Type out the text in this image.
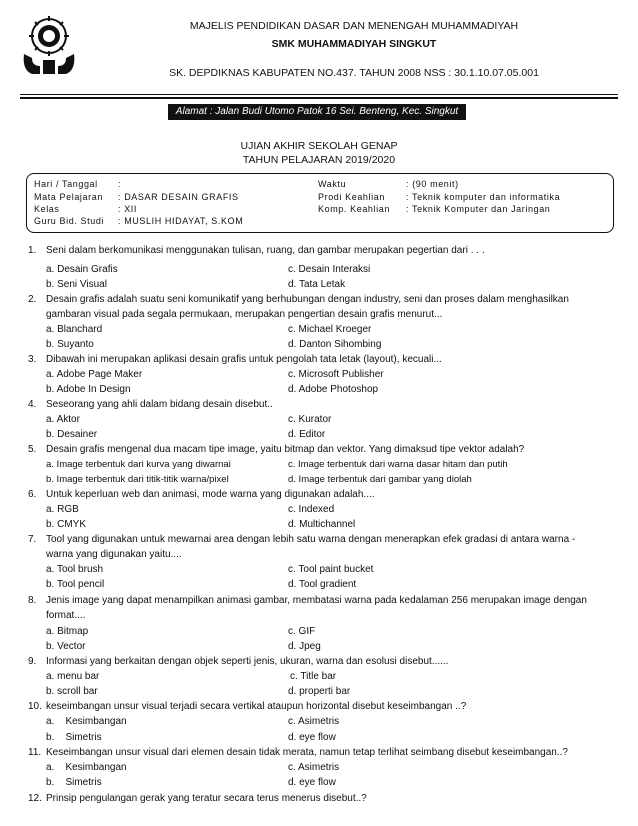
MAJELIS PENDIDIKAN DASAR DAN MENENGAH MUHAMMADIYAH
SMK MUHAMMADIYAH SINGKUT
SK. DEPDIKNAS KABUPATEN NO.437. TAHUN 2008 NSS : 30.1.10.07.05.001
Alamat : Jalan Budi Utomo Patok 16 Sei. Benteng, Kec. Singkut
UJIAN AKHIR SEKOLAH GENAP
TAHUN PELAJARAN 2019/2020
Hari / Tanggal :
Mata Pelajaran : DASAR DESAIN GRAFIS
Kelas	: XII
Guru Bid. Studi : MUSLIH HIDAYAT, S.KOM
Waktu	: (90 menit)
Prodi Keahlian : Teknik komputer dan informatika
Komp. Keahlian : Teknik Komputer dan Jaringan
1. Seni dalam berkomunikasi menggunakan tulisan, ruang, dan gambar merupakan pegertian dari . . .
a. Desain Grafis	c. Desain Interaksi
b. Seni Visual	d. Tata Letak
2. Desain grafis adalah suatu seni komunikatif yang berhubungan dengan industry, seni dan proses dalam menghasilkan
gambaran visual pada segala permukaan, merupakan pengertian desain grafis menurut...
a. Blanchard	c. Michael Kroeger
b. Suyanto	d. Danton Sihombing
3. Dibawah ini merupakan aplikasi desain grafis untuk pengolah tata letak (layout), kecuali...
a. Adobe Page Maker	c. Microsoft Publisher
b. Adobe In Design	d. Adobe Photoshop
4. Seseorang yang ahli dalam bidang desain disebut..
a. Aktor	c. Kurator
b. Desainer	d. Editor
5. Desain grafis mengenal dua macam tipe image, yaitu bitmap dan vektor. Yang dimaksud tipe vektor adalah?
a. Image terbentuk dari kurva yang diwarnai	c. Image terbentuk dari warna dasar hitam dan putih
b. Image terbentuk dari titik-titik warna/pixel	d. Image terbentuk dari gambar yang diolah
6. Untuk keperluan web dan animasi, mode warna yang digunakan adalah....
a. RGB	c. Indexed
b. CMYK	d. Multichannel
7. Tool yang digunakan untuk mewarnai area dengan lebih satu warna dengan menerapkan efek gradasi di antara warna -
warna yang digunakan yaitu....
a. Tool brush	c. Tool paint bucket
b. Tool pencil	d. Tool gradient
8. Jenis image yang dapat menampilkan animasi gambar, membatasi warna pada kedalaman 256 merupakan image dengan
format....
a. Bitmap	c. GIF
b. Vector	d. Jpeg
9. Informasi yang berkaitan dengan objek seperti jenis, ukuran, warna dan esolusi disebut......
a. menu bar	c. Title bar
b. scroll bar	d. properti bar
10. keseimbangan unsur visual terjadi secara vertikal ataupun horizontal disebut keseimbangan ..?
a.    Kesimbangan	c. Asimetris
b.    Simetris	d. eye flow
11. Keseimbangan unsur visual dari elemen desain tidak merata, namun tetap terlihat seimbang disebut keseimbangan..?
a.    Kesimbangan	c. Asimetris
b.    Simetris	d. eye flow
12. Prinsip pengulangan gerak yang teratur secara terus menerus disebut..?
